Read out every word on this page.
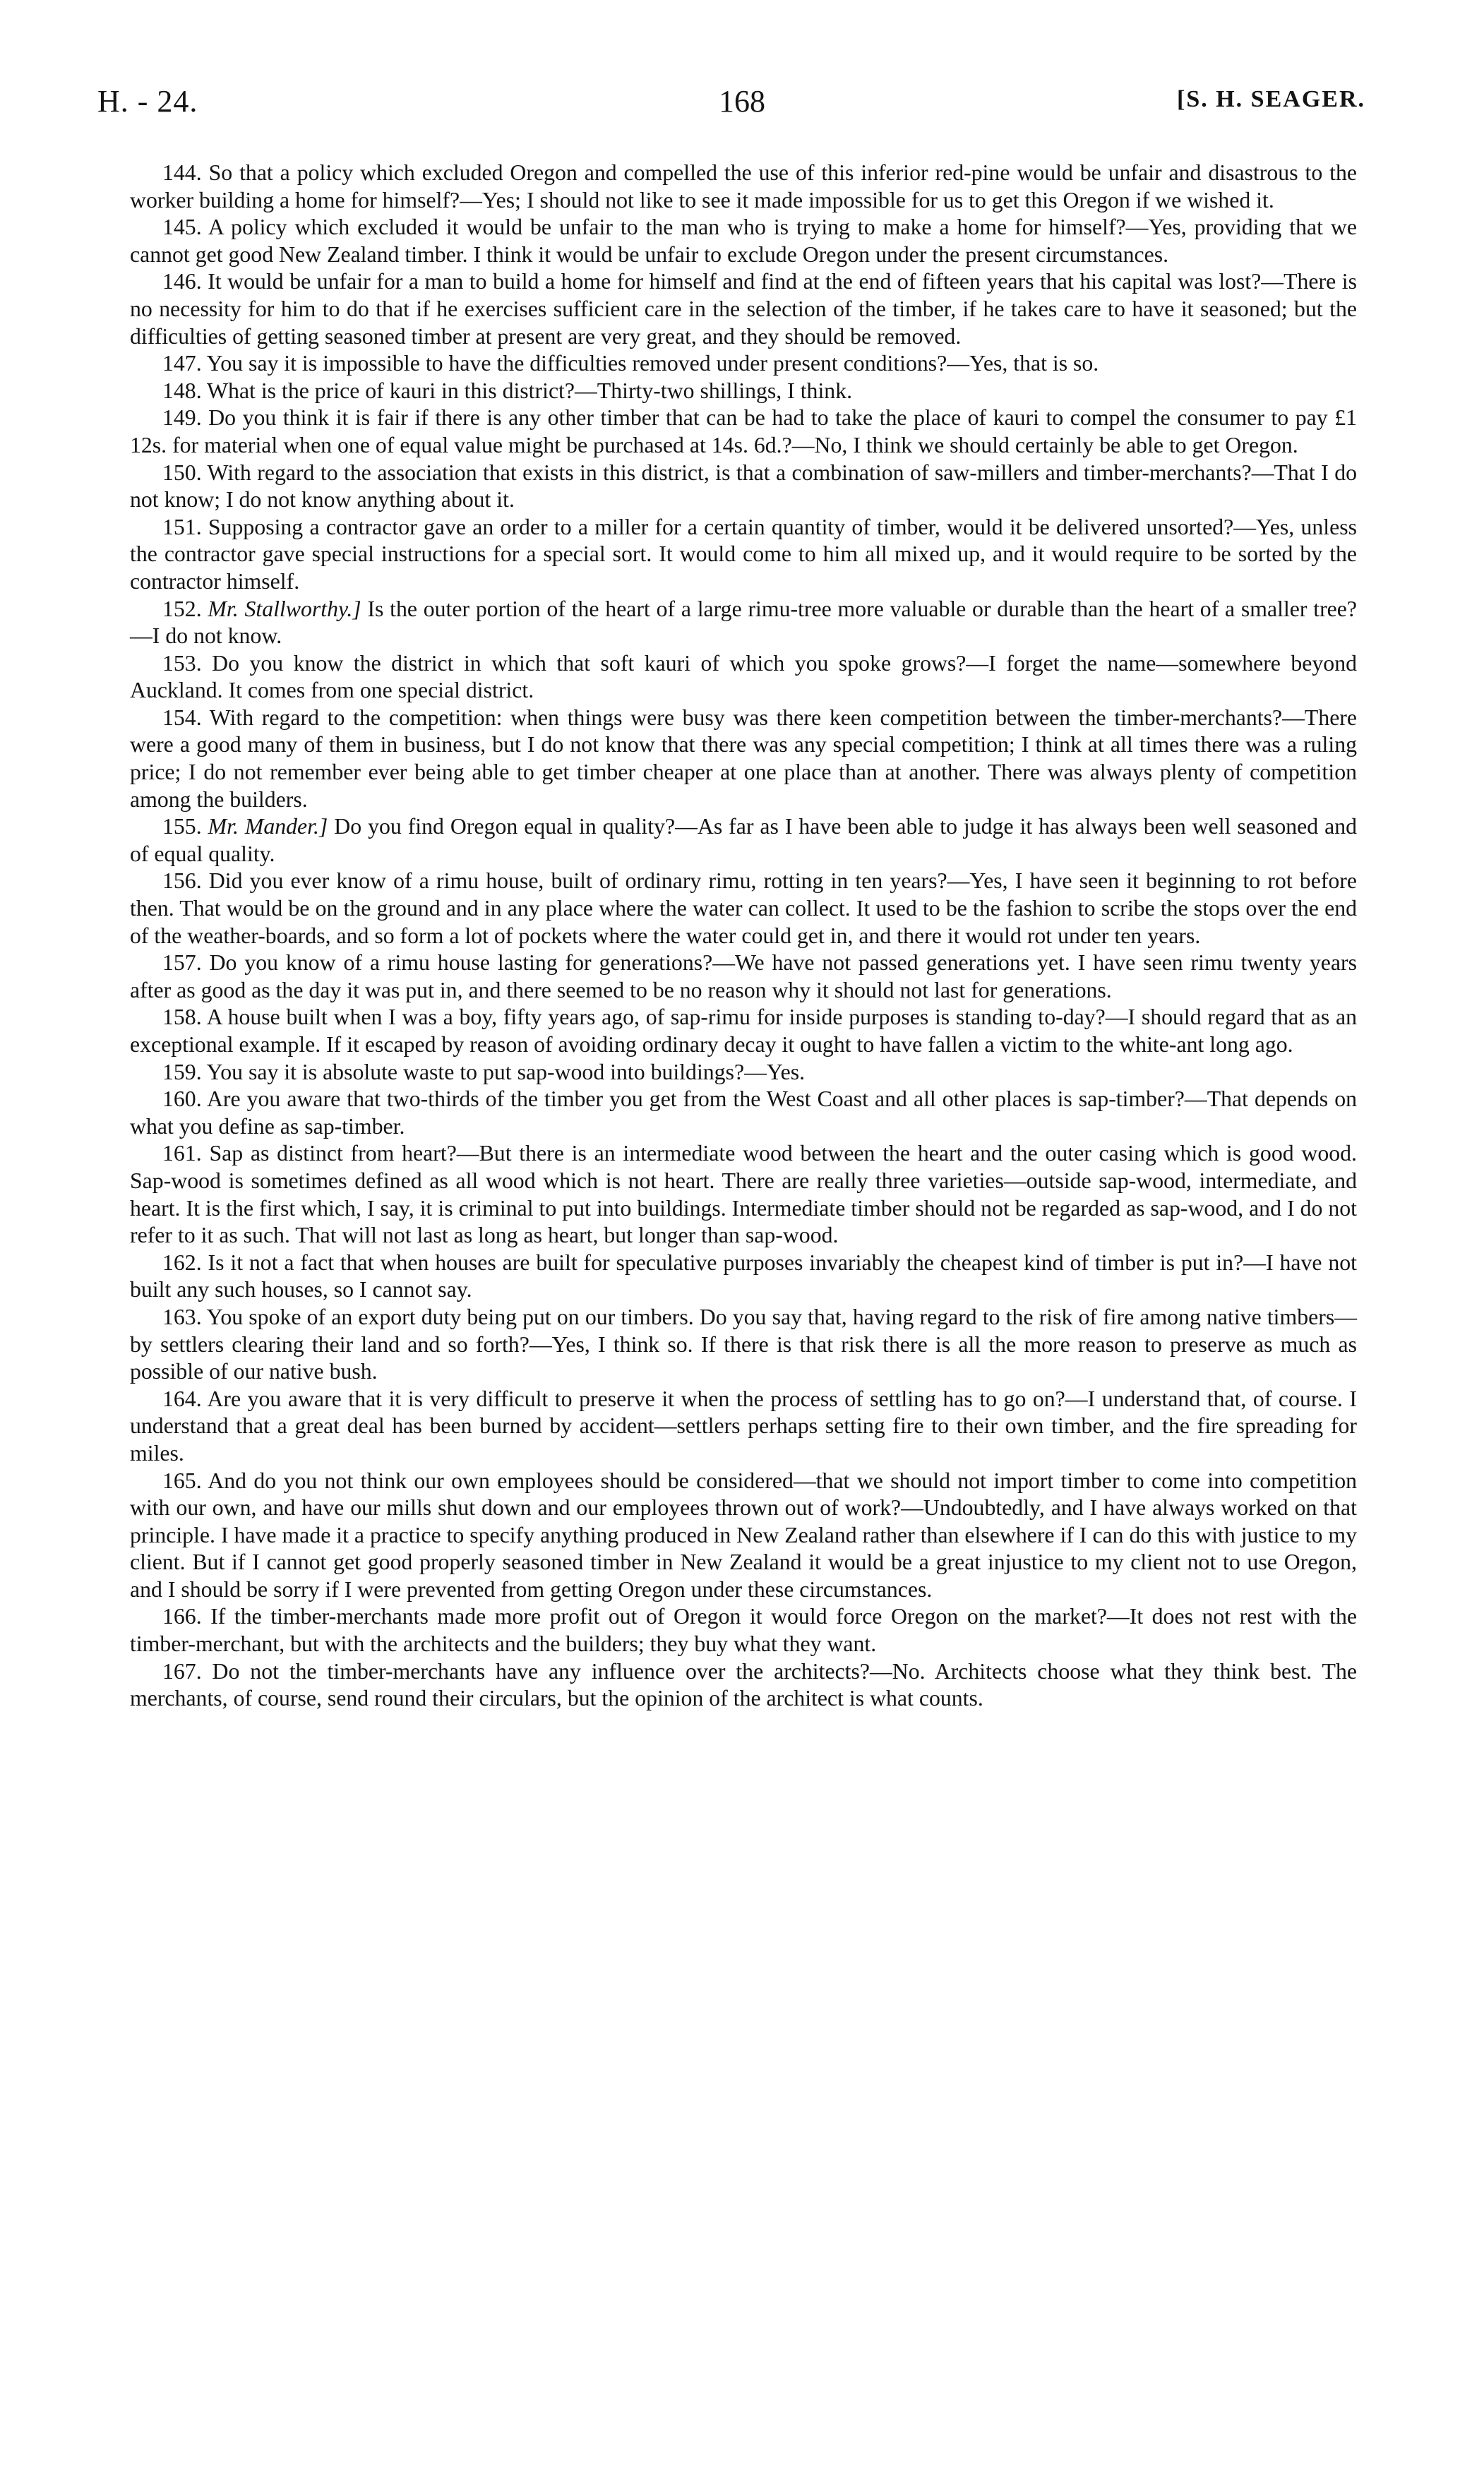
H. - 24.	168	[S. H. SEAGER.

144. So that a policy which excluded Oregon and compelled the use of this inferior red-pine would be unfair and disastrous to the worker building a home for himself?—Yes; I should not like to see it made impossible for us to get this Oregon if we wished it.

145. A policy which excluded it would be unfair to the man who is trying to make a home for himself?—Yes, providing that we cannot get good New Zealand timber. I think it would be unfair to exclude Oregon under the present circumstances.

146. It would be unfair for a man to build a home for himself and find at the end of fifteen years that his capital was lost?—There is no necessity for him to do that if he exercises sufficient care in the selection of the timber, if he takes care to have it seasoned; but the difficulties of getting seasoned timber at present are very great, and they should be removed.

147. You say it is impossible to have the difficulties removed under present conditions?—Yes, that is so.

148. What is the price of kauri in this district?—Thirty-two shillings, I think.

149. Do you think it is fair if there is any other timber that can be had to take the place of kauri to compel the consumer to pay £1 12s. for material when one of equal value might be purchased at 14s. 6d.?—No, I think we should certainly be able to get Oregon.

150. With regard to the association that exists in this district, is that a combination of saw-millers and timber-merchants?—That I do not know; I do not know anything about it.

151. Supposing a contractor gave an order to a miller for a certain quantity of timber, would it be delivered unsorted?—Yes, unless the contractor gave special instructions for a special sort. It would come to him all mixed up, and it would require to be sorted by the contractor himself.

152. Mr. Stallworthy.] Is the outer portion of the heart of a large rimu-tree more valuable or durable than the heart of a smaller tree?—I do not know.

153. Do you know the district in which that soft kauri of which you spoke grows?—I forget the name—somewhere beyond Auckland. It comes from one special district.

154. With regard to the competition: when things were busy was there keen competition between the timber-merchants?—There were a good many of them in business, but I do not know that there was any special competition; I think at all times there was a ruling price; I do not remember ever being able to get timber cheaper at one place than at another. There was always plenty of competition among the builders.

155. Mr. Mander.] Do you find Oregon equal in quality?—As far as I have been able to judge it has always been well seasoned and of equal quality.

156. Did you ever know of a rimu house, built of ordinary rimu, rotting in ten years?—Yes, I have seen it beginning to rot before then. That would be on the ground and in any place where the water can collect. It used to be the fashion to scribe the stops over the end of the weather-boards, and so form a lot of pockets where the water could get in, and there it would rot under ten years.

157. Do you know of a rimu house lasting for generations?—We have not passed generations yet. I have seen rimu twenty years after as good as the day it was put in, and there seemed to be no reason why it should not last for generations.

158. A house built when I was a boy, fifty years ago, of sap-rimu for inside purposes is standing to-day?—I should regard that as an exceptional example. If it escaped by reason of avoiding ordinary decay it ought to have fallen a victim to the white-ant long ago.

159. You say it is absolute waste to put sap-wood into buildings?—Yes.

160. Are you aware that two-thirds of the timber you get from the West Coast and all other places is sap-timber?—That depends on what you define as sap-timber.

161. Sap as distinct from heart?—But there is an intermediate wood between the heart and the outer casing which is good wood. Sap-wood is sometimes defined as all wood which is not heart. There are really three varieties—outside sap-wood, intermediate, and heart. It is the first which, I say, it is criminal to put into buildings. Intermediate timber should not be regarded as sap-wood, and I do not refer to it as such. That will not last as long as heart, but longer than sap-wood.

162. Is it not a fact that when houses are built for speculative purposes invariably the cheapest kind of timber is put in?—I have not built any such houses, so I cannot say.

163. You spoke of an export duty being put on our timbers. Do you say that, having regard to the risk of fire among native timbers—by settlers clearing their land and so forth?—Yes, I think so. If there is that risk there is all the more reason to preserve as much as possible of our native bush.

164. Are you aware that it is very difficult to preserve it when the process of settling has to go on?—I understand that, of course. I understand that a great deal has been burned by accident—settlers perhaps setting fire to their own timber, and the fire spreading for miles.

165. And do you not think our own employees should be considered—that we should not import timber to come into competition with our own, and have our mills shut down and our employees thrown out of work?—Undoubtedly, and I have always worked on that principle. I have made it a practice to specify anything produced in New Zealand rather than elsewhere if I can do this with justice to my client. But if I cannot get good properly seasoned timber in New Zealand it would be a great injustice to my client not to use Oregon, and I should be sorry if I were prevented from getting Oregon under these circumstances.

166. If the timber-merchants made more profit out of Oregon it would force Oregon on the market?—It does not rest with the timber-merchant, but with the architects and the builders; they buy what they want.

167. Do not the timber-merchants have any influence over the architects?—No. Architects choose what they think best. The merchants, of course, send round their circulars, but the opinion of the architect is what counts.
